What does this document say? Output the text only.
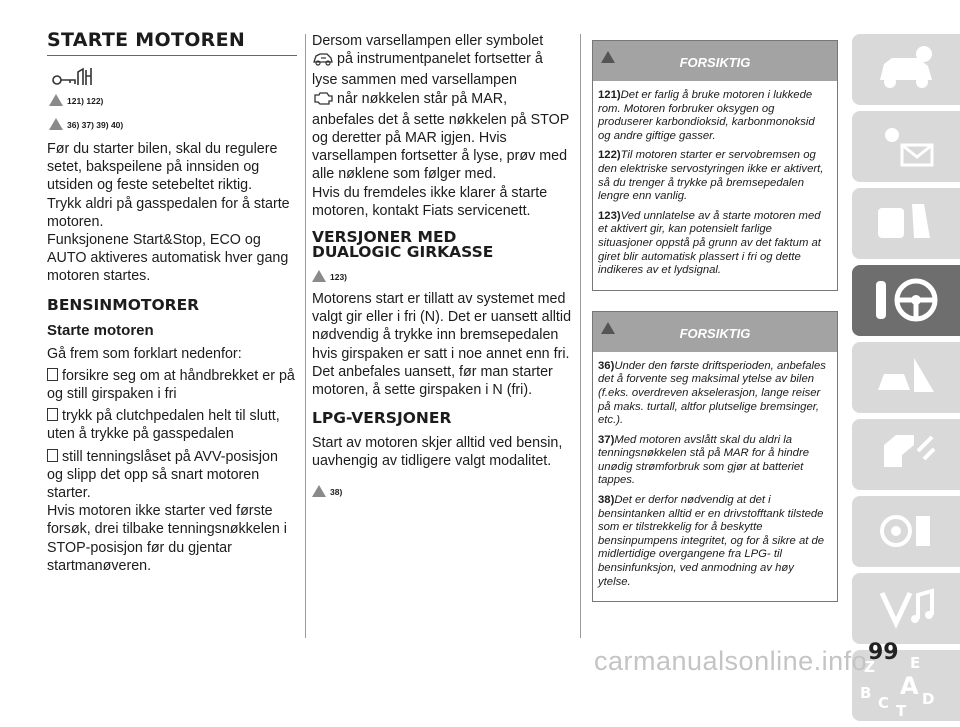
STARTE MOTOREN
121) 122)
36) 37) 39) 40)

Før du starter bilen, skal du regulere setet, bakspeilene på innsiden og utsiden og feste setebeltet riktig.

Trykk aldri på gasspedalen for å starte motoren.

Funksjonene Start&Stop, ECO og AUTO aktiveres automatisk hver gang motoren startes.

BENSINMOTORER
Starte motoren

Gå frem som forklart nedenfor:

forsikre seg om at håndbrekket er på og still girspaken i fri

trykk på clutchpedalen helt til slutt, uten å trykke på gasspedalen

still tenningslåset på AVV-posisjon og slipp det opp så snart motoren starter.

Hvis motoren ikke starter ved første forsøk, drei tilbake tenningsnøkkelen i STOP-posisjon før du gjentar startmanøveren.

Dersom varsellampen eller symbolet
på instrumentpanelet fortsetter å lyse sammen med varsellampen
når nøkkelen står på MAR, anbefales det å sette nøkkelen på STOP og deretter på MAR igjen. Hvis varsellampen fortsetter å lyse, prøv med alle nøklene som følger med.

Hvis du fremdeles ikke klarer å starte motoren, kontakt Fiats servicenett.

VERSJONER MED DUALOGIC GIRKASSE
123)

Motorens start er tillatt av systemet med valgt gir eller i fri (N). Det er uansett alltid nødvendig å trykke inn bremsepedalen hvis girspaken er satt i noe annet enn fri. Det anbefales uansett, før man starter motoren, å sette girspaken i N (fri).

LPG-VERSJONER

Start av motoren skjer alltid ved bensin, uavhengig av tidligere valgt modalitet.

38)
FORSIKTIG

121)Det er farlig å bruke motoren i lukkede rom. Motoren forbruker oksygen og produserer karbondioksid, karbonmonoksid og andre giftige gasser.

122)Til motoren starter er servobremsen og den elektriske servostyringen ikke er aktivert, så du trenger å trykke på bremsepedalen lengre enn vanlig.

123)Ved unnlatelse av å starte motoren med et aktivert gir, kan potensielt farlige situasjoner oppstå på grunn av det faktum at giret blir automatisk plassert i fri og dette indikeres av et lydsignal.

FORSIKTIG

36)Under den første driftsperioden, anbefales det å forvente seg maksimal ytelse av bilen (f.eks. overdreven akselerasjon, lange reiser på maks. turtall, altfor plutselige bremsinger, etc.).

37)Med motoren avslått skal du aldri la tenningsnøkkelen stå på MAR for å hindre unødig strømforbruk som gjør at batteriet tappes.

38)Det er derfor nødvendig at det i bensintanken alltid er en drivstofftank tilstede som er tilstrekkelig for å beskytte bensinpumpens integritet, og for å sikre at de midlertidige overgangene fra LPG- til bensinfunksjon, ved anmodning av høy ytelse.

Z E
B A
C D
T
99
carmanualsonline.info
